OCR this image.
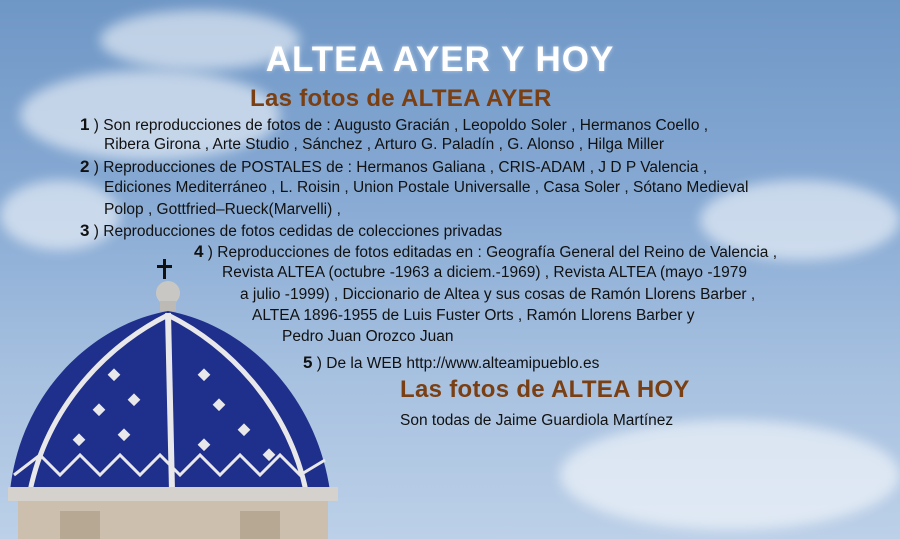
ALTEA AYER Y HOY
Las fotos de ALTEA AYER
1 ) Son reproducciones de fotos de : Augusto Gracián , Leopoldo Soler , Hermanos Coello ,
Ribera Girona , Arte Studio , Sánchez , Arturo G. Paladín , G. Alonso , Hilga Miller
2 ) Reproducciones de POSTALES de : Hermanos Galiana , CRIS-ADAM , J D P Valencia ,
Ediciones Mediterráneo , L. Roisin , Union Postale Universalle , Casa Soler , Sótano Medieval
Polop , Gottfried–Rueck(Marvelli) ,
3 ) Reproducciones de fotos cedidas de colecciones privadas
4 ) Reproducciones de fotos editadas en : Geografía General del Reino de Valencia ,
Revista ALTEA (octubre -1963 a diciem.-1969) , Revista ALTEA (mayo -1979
a julio -1999) , Diccionario de Altea y sus cosas de Ramón Llorens Barber ,
ALTEA 1896-1955 de Luis Fuster Orts , Ramón Llorens Barber y
Pedro Juan Orozco Juan
5 ) De la WEB http://www.alteamipueblo.es
Las fotos de ALTEA HOY
Son todas de Jaime Guardiola Martínez
